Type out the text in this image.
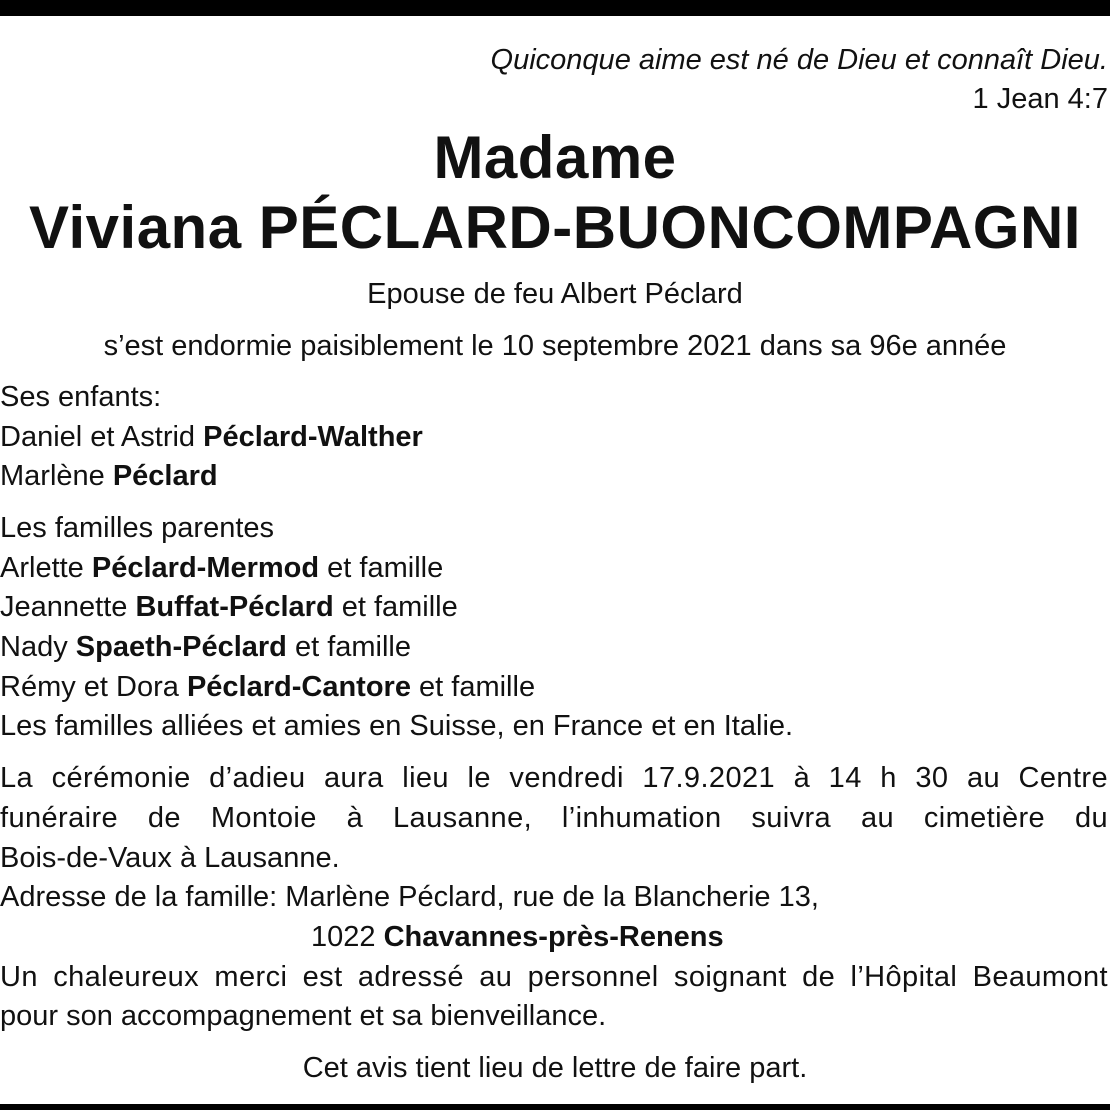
Quiconque aime est né de Dieu et connaît Dieu.
1 Jean 4:7
Madame
Viviana PÉCLARD-BUONCOMPAGNI
Epouse de feu Albert Péclard
s’est endormie paisiblement le 10 septembre 2021 dans sa 96e année
Ses enfants:
Daniel et Astrid Péclard-Walther
Marlène Péclard
Les familles parentes
Arlette Péclard-Mermod et famille
Jeannette Buffat-Péclard et famille
Nady Spaeth-Péclard et famille
Rémy et Dora Péclard-Cantore et famille
Les familles alliées et amies en Suisse, en France et en Italie.
La cérémonie d’adieu aura lieu le vendredi 17.9.2021 à 14 h 30 au Centre
funéraire de Montoie à Lausanne, l’inhumation suivra au cimetière du
Bois-de-Vaux à Lausanne.
Adresse de la famille: Marlène Péclard, rue de la Blancherie 13,
1022 Chavannes-près-Renens
Un chaleureux merci est adressé au personnel soignant de l’Hôpital Beaumont
pour son accompagnement et sa bienveillance.
Cet avis tient lieu de lettre de faire part.
